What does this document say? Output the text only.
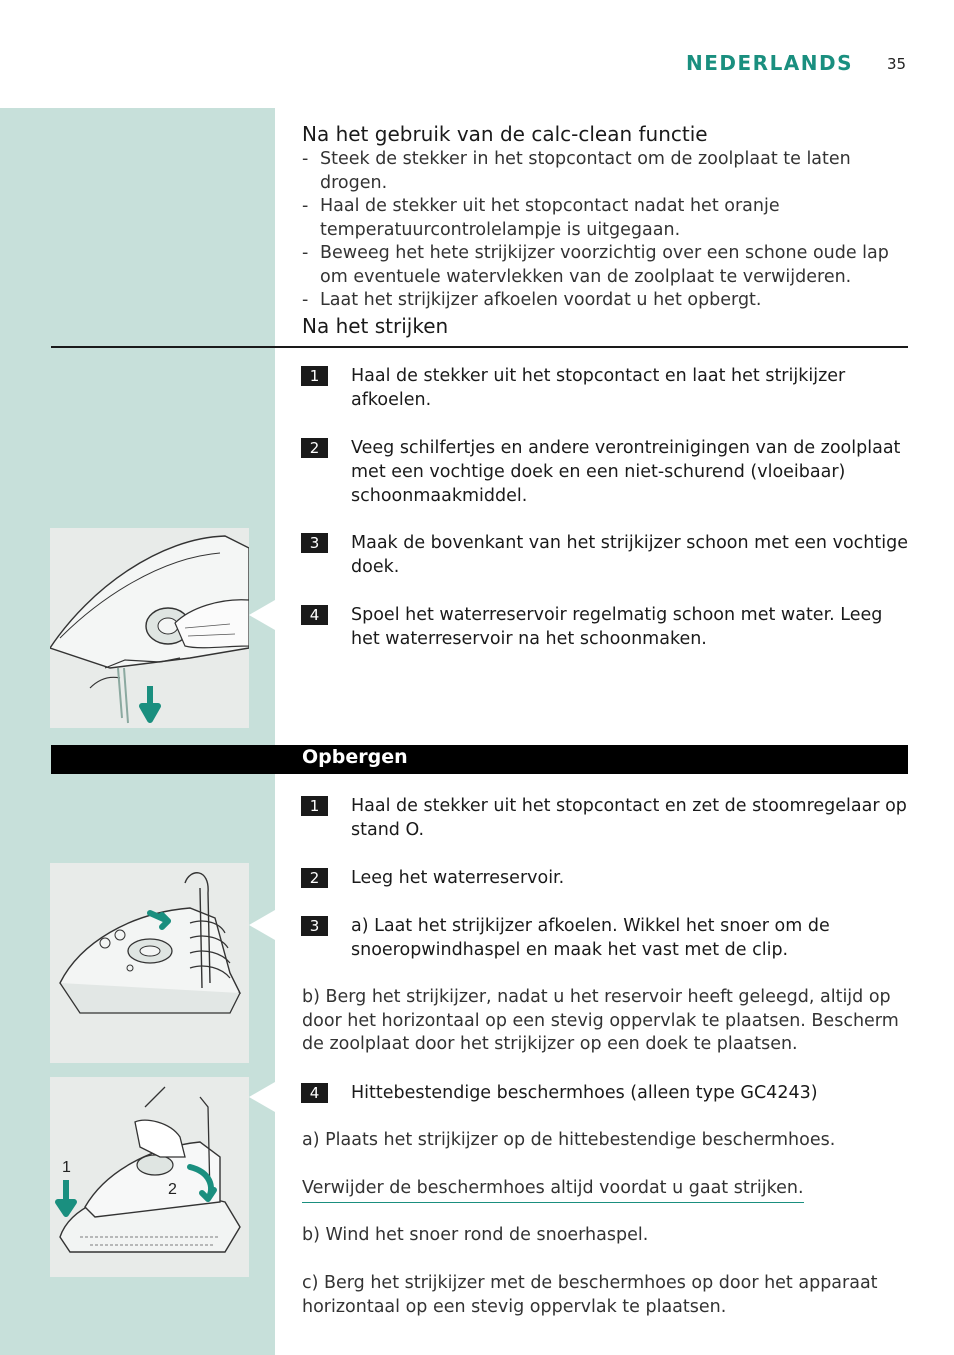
NEDERLANDS 35
Na het gebruik van de calc-clean functie
- Steek de stekker in het stopcontact om de zoolplaat te laten drogen.
- Haal de stekker uit het stopcontact nadat het oranje temperatuurcontrolelampje is uitgegaan.
- Beweeg het hete strijkijzer voorzichtig over een schone oude lap om eventuele watervlekken van de zoolplaat te verwijderen.
- Laat het strijkijzer afkoelen voordat u het opbergt.
Na het strijken
1	Haal de stekker uit het stopcontact en laat het strijkijzer afkoelen.
2	Veeg schilfertjes en andere verontreinigingen van de zoolplaat met een vochtige doek en een niet-schurend (vloeibaar) schoonmaakmiddel.
3	Maak de bovenkant van het strijkijzer schoon met een vochtige doek.
4	Spoel het waterreservoir regelmatig schoon met water. Leeg het waterreservoir na het schoonmaken.
Opbergen
1	Haal de stekker uit het stopcontact en zet de stoomregelaar op stand O.
2	Leeg het waterreservoir.
3	a) Laat het strijkijzer afkoelen. Wikkel het snoer om de snoeropwindhaspel en maak het vast met de clip.
b) Berg het strijkijzer, nadat u het reservoir heeft geleegd, altijd op door het horizontaal op een stevig oppervlak te plaatsen. Bescherm de zoolplaat door het strijkijzer op een doek te plaatsen.
4	Hittebestendige beschermhoes (alleen type GC4243)
a) Plaats het strijkijzer op de hittebestendige beschermhoes.
Verwijder de beschermhoes altijd voordat u gaat strijken.
b) Wind het snoer rond de snoerhaspel.
c) Berg het strijkijzer met de beschermhoes op door het apparaat horizontaal op een stevig oppervlak te plaatsen.
1
2
